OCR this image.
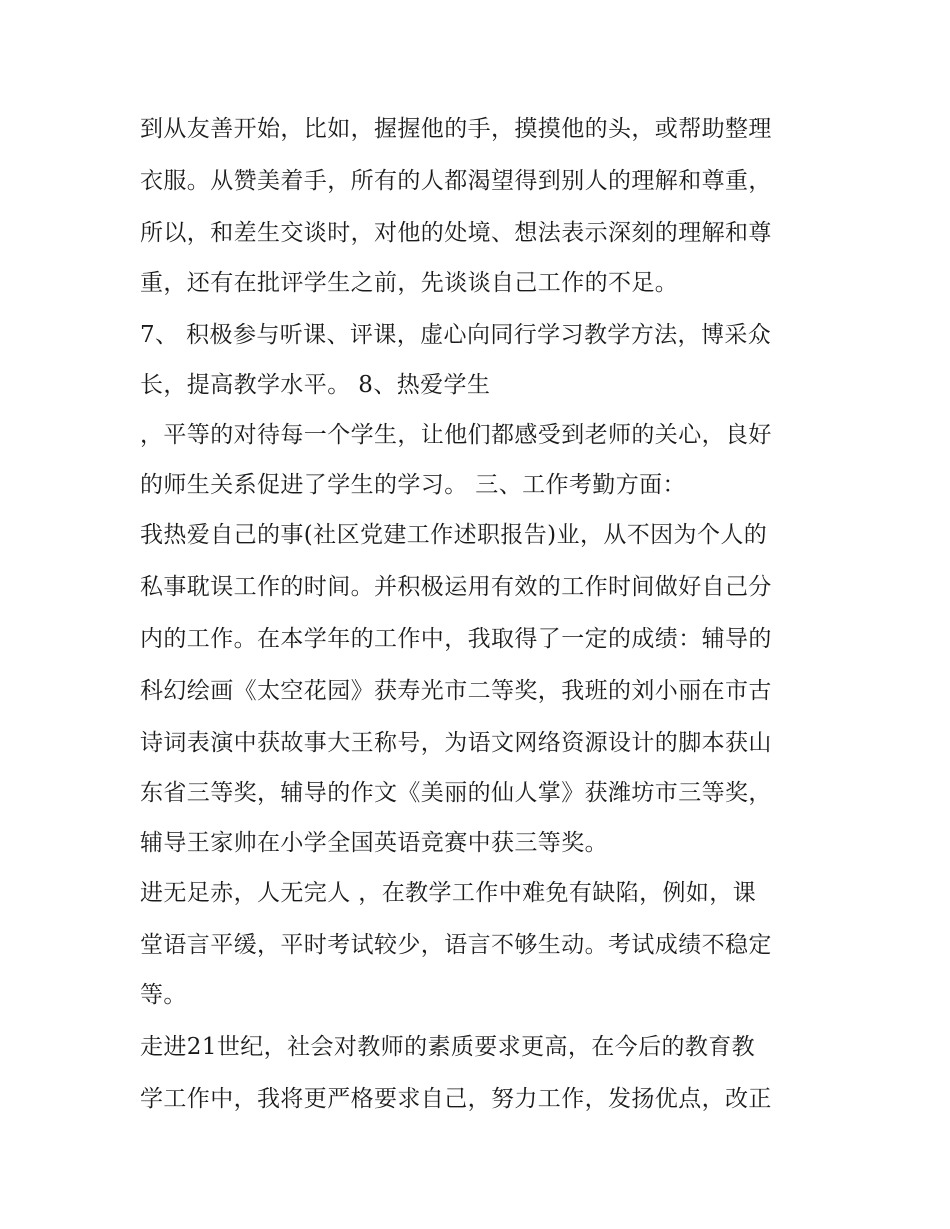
到从友善开始，比如，握握他的手，摸摸他的头，或帮助整理
衣服。从赞美着手，所有的人都渴望得到别人的理解和尊重，
所以，和差生交谈时，对他的处境、想法表示深刻的理解和尊
重，还有在批评学生之前，先谈谈自己工作的不足。
7、 积极参与听课、评课，虚心向同行学习教学方法，博采众
长，提高教学水平。 8、热爱学生
，平等的对待每一个学生，让他们都感受到老师的关心，良好
的师生关系促进了学生的学习。 三、工作考勤方面：
我热爱自己的事(社区党建工作述职报告)业，从不因为个人的
私事耽误工作的时间。并积极运用有效的工作时间做好自己分
内的工作。在本学年的工作中，我取得了一定的成绩：辅导的
科幻绘画《太空花园》获寿光市二等奖，我班的刘小丽在市古
诗词表演中获故事大王称号，为语文网络资源设计的脚本获山
东省三等奖，辅导的作文《美丽的仙人掌》获潍坊市三等奖，
辅导王家帅在小学全国英语竞赛中获三等奖。
进无足赤，人无完人 ，在教学工作中难免有缺陷，例如，课
堂语言平缓，平时考试较少，语言不够生动。考试成绩不稳定
等。
走进21世纪，社会对教师的素质要求更高，在今后的教育教
学工作中，我将更严格要求自己，努力工作，发扬优点，改正
